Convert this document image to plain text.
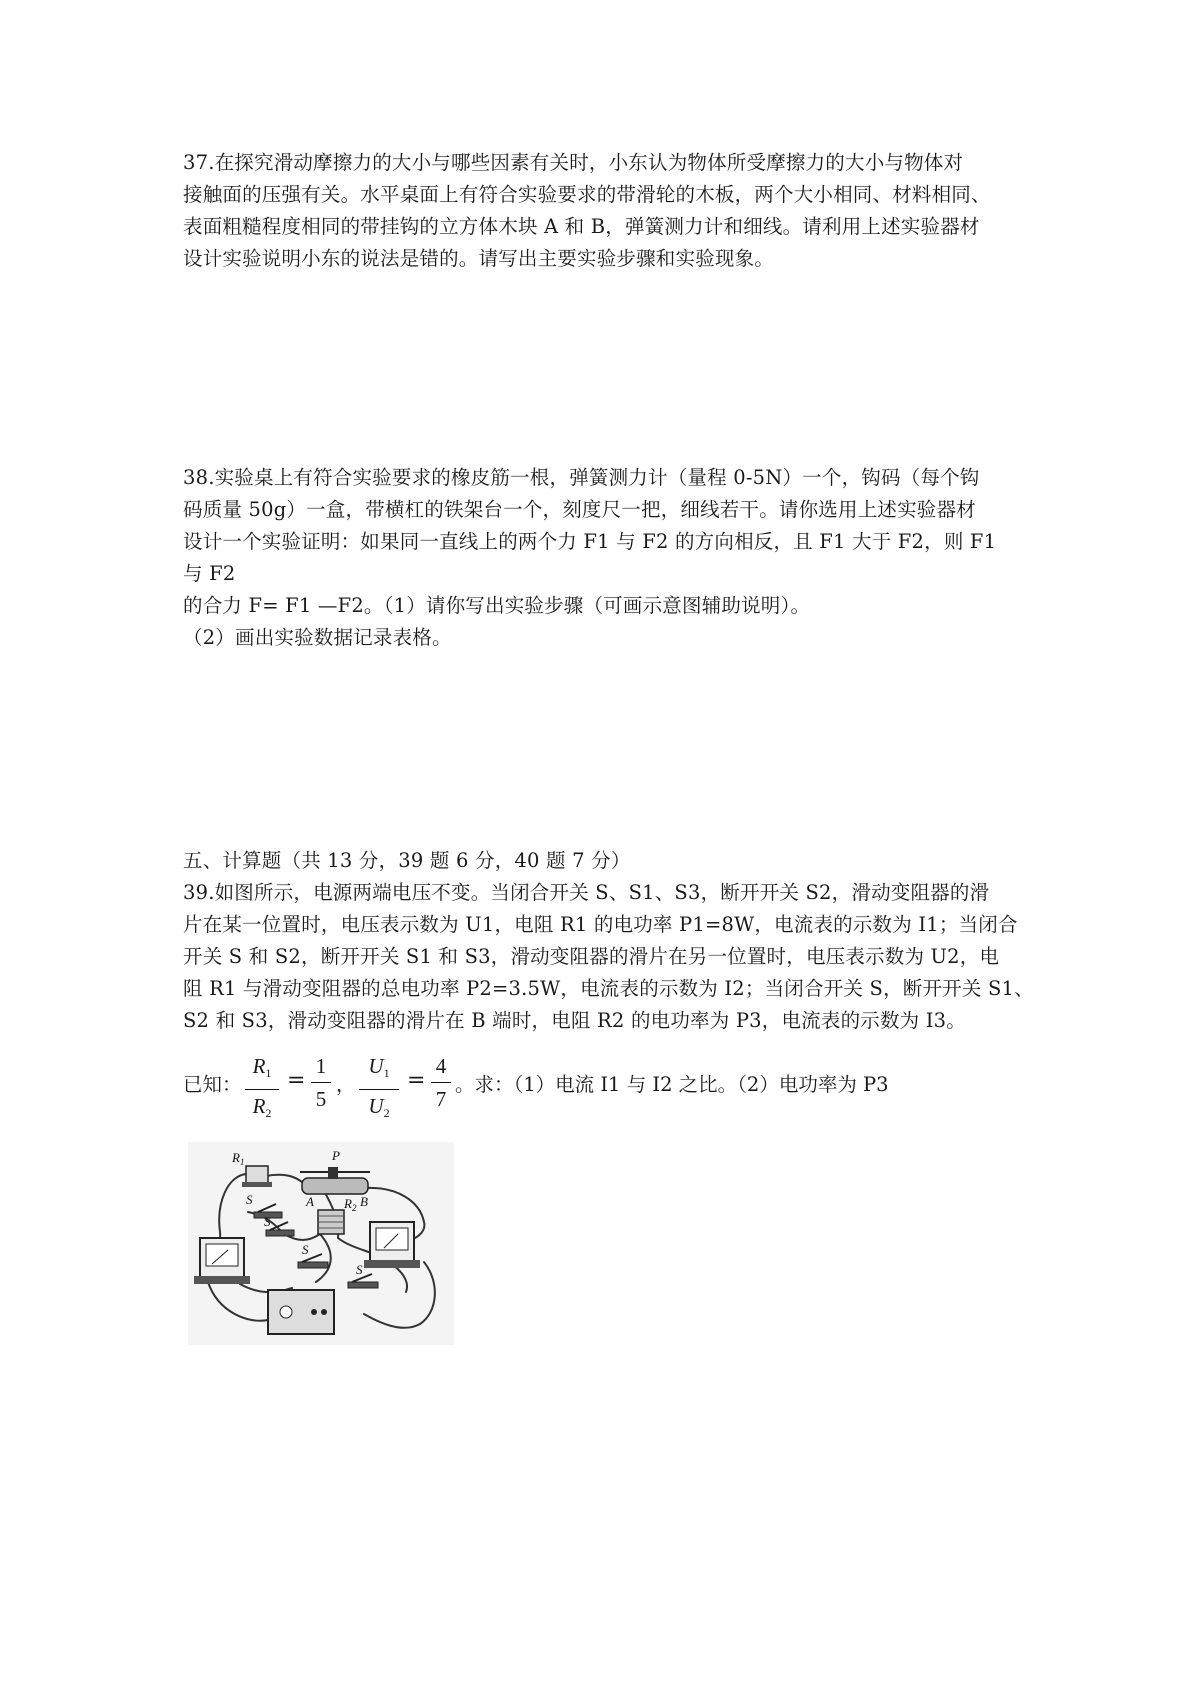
37.在探究滑动摩擦力的大小与哪些因素有关时，小东认为物体所受摩擦力的大小与物体对
接触面的压强有关。水平桌面上有符合实验要求的带滑轮的木板，两个大小相同、材料相同、
表面粗糙程度相同的带挂钩的立方体木块 A 和 B，弹簧测力计和细线。请利用上述实验器材
设计实验说明小东的说法是错的。请写出主要实验步骤和实验现象。
38.实验桌上有符合实验要求的橡皮筋一根，弹簧测力计（量程 0-5N）一个，钩码（每个钩
码质量 50g）一盒，带横杠的铁架台一个，刻度尺一把，细线若干。请你选用上述实验器材
设计一个实验证明：如果同一直线上的两个力 F1 与 F2 的方向相反，且 F1 大于 F2，则 F1
与 F2
的合力 F= F1 —F2。（1）请你写出实验步骤（可画示意图辅助说明）。
（2）画出实验数据记录表格。
五、计算题（共 13 分，39 题 6 分，40 题 7 分）
39.如图所示，电源两端电压不变。当闭合开关 S、S1、S3，断开开关 S2，滑动变阻器的滑
片在某一位置时，电压表示数为 U1，电阻 R1 的电功率 P1=8W，电流表的示数为 I1；当闭合
开关 S 和 S2，断开开关 S1 和 S3，滑动变阻器的滑片在另一位置时，电压表示数为 U2，电
阻 R1 与滑动变阻器的总电功率 P2=3.5W，电流表的示数为 I2；当闭合开关 S，断开开关 S1、
S2 和 S3，滑动变阻器的滑片在 B 端时，电阻 R2 的电功率为 P3，电流表的示数为 I3。
已知：
$R_1$
$R_2$
=
1
5
，
$U_1$
$U_2$
=
4
7
。求：（1）电流 I1 与 I2 之比。（2）电功率为 P3
$R_1$	P
A	B
$R_2$
S
S
S
S
